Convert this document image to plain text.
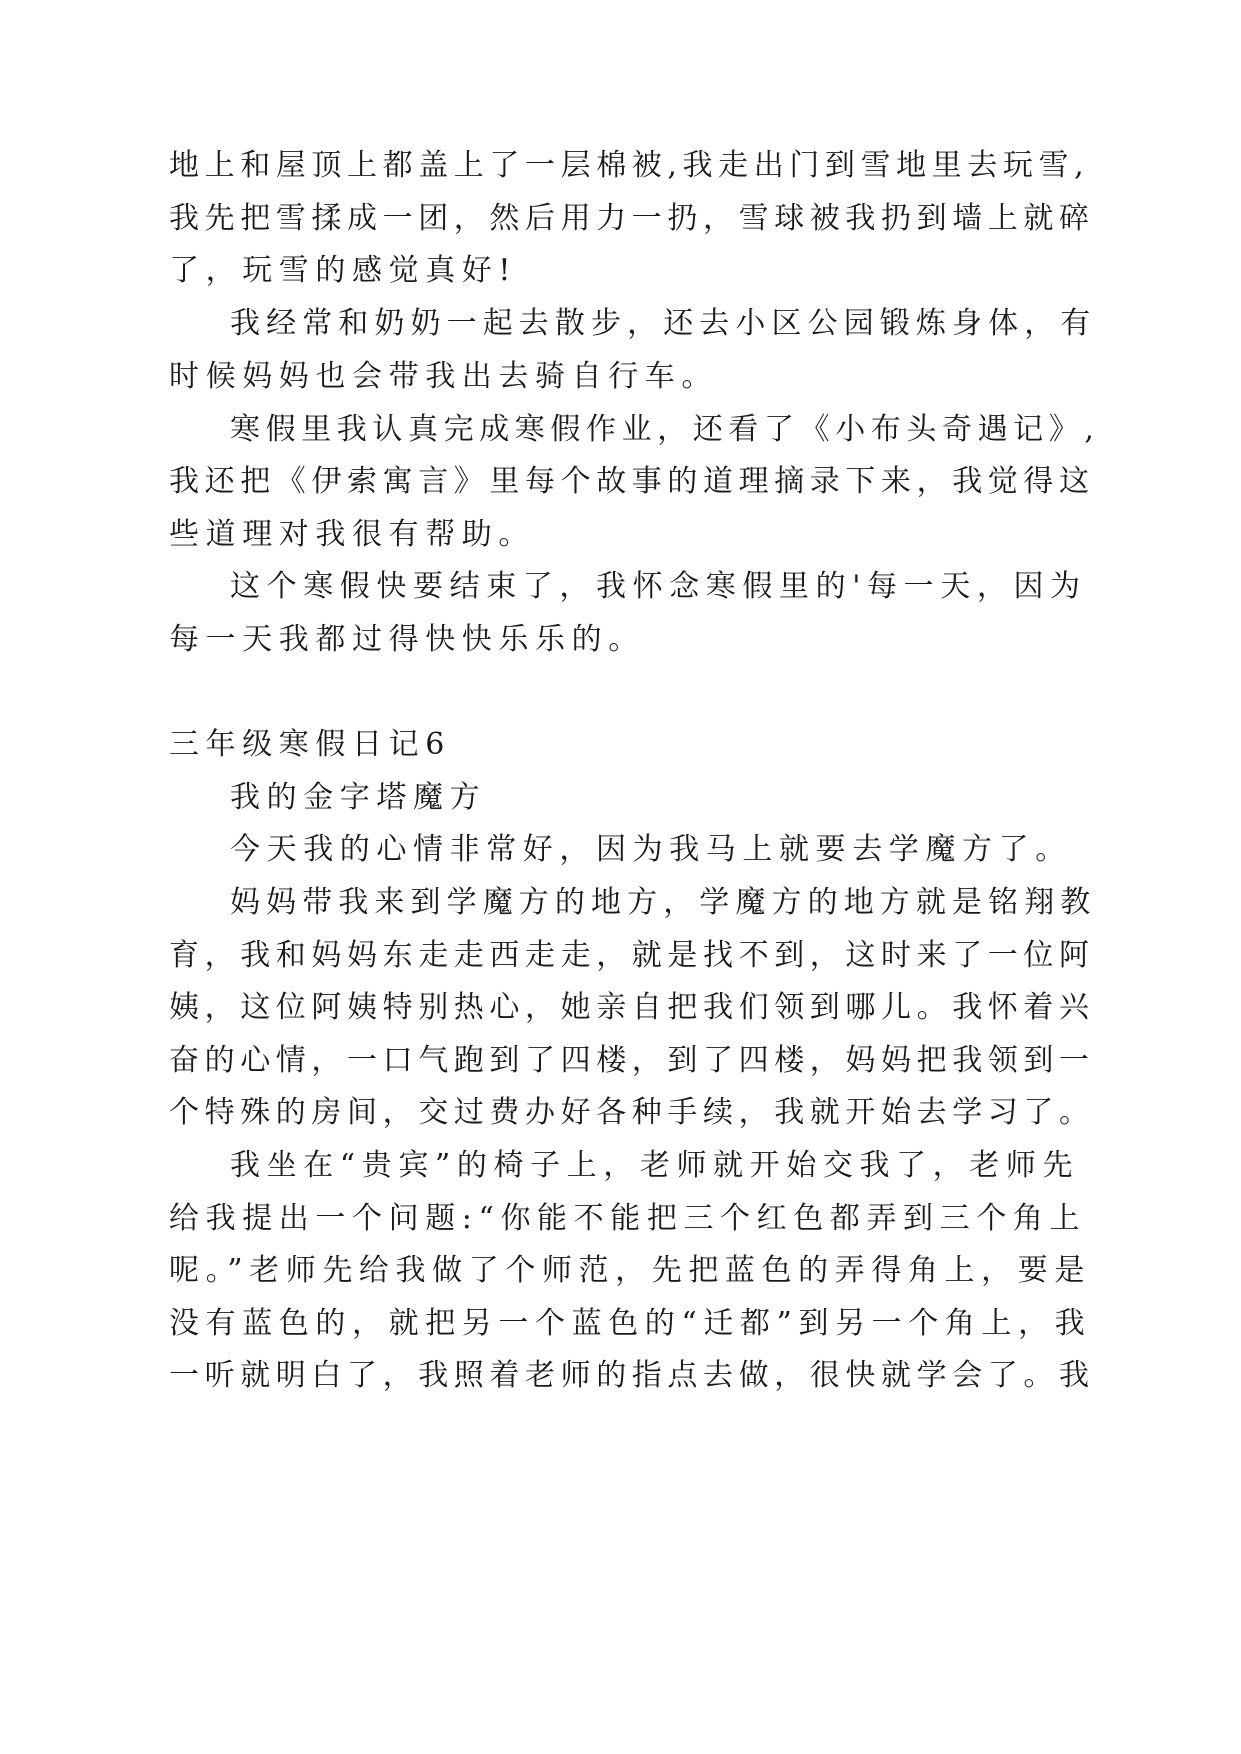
地上和屋顶上都盖上了一层棉被,我走出门到雪地里去玩雪,

我先把雪揉成一团，然后用力一扔，雪球被我扔到墙上就碎

了，玩雪的感觉真好!

我经常和奶奶一起去散步，还去小区公园锻炼身体，有

时候妈妈也会带我出去骑自行车。

寒假里我认真完成寒假作业，还看了《小布头奇遇记》,

我还把《伊索寓言》里每个故事的道理摘录下来，我觉得这

些道理对我很有帮助。

这个寒假快要结束了，我怀念寒假里的'每一天，因为

每一天我都过得快快乐乐的。

三年级寒假日记6

我的金字塔魔方

今天我的心情非常好，因为我马上就要去学魔方了。

妈妈带我来到学魔方的地方，学魔方的地方就是铭翔教

育，我和妈妈东走走西走走，就是找不到，这时来了一位阿

姨，这位阿姨特别热心，她亲自把我们领到哪儿。我怀着兴

奋的心情，一口气跑到了四楼，到了四楼，妈妈把我领到一

个特殊的房间，交过费办好各种手续，我就开始去学习了。

我坐在“贵宾”的椅子上，老师就开始交我了，老师先

给我提出一个问题:“你能不能把三个红色都弄到三个角上

呢。”老师先给我做了个师范，先把蓝色的弄得角上，要是

没有蓝色的，就把另一个蓝色的“迁都”到另一个角上，我

一听就明白了，我照着老师的指点去做，很快就学会了。我
